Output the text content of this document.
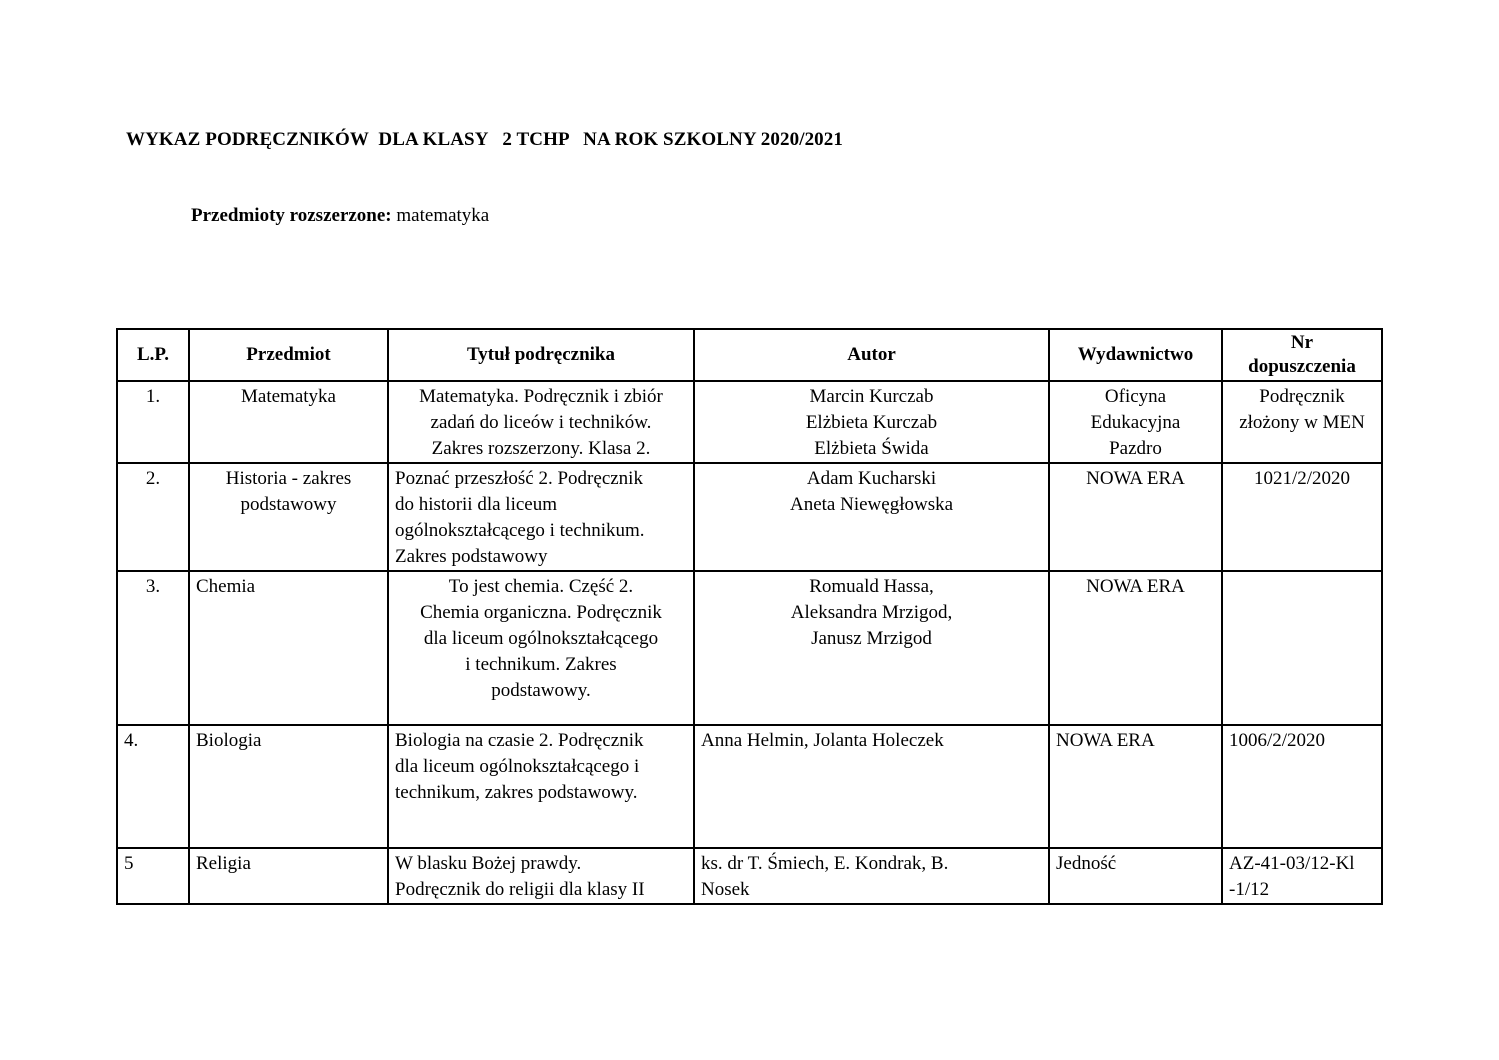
WYKAZ PODRĘCZNIKÓW  DLA KLASY   2 TCHP   NA ROK SZKOLNY 2020/2021
Przedmioty rozszerzone: matematyka
L.P.	Przedmiot	Tytuł podręcznika	Autor	Wydawnictwo	Nr
dopuszczenia

1.	Matematyka	Matematyka. Podręcznik i zbiór
zadań do liceów i techników.
Zakres rozszerzony. Klasa 2.	Marcin Kurczab
Elżbieta Kurczab
Elżbieta Świda	Oficyna
Edukacyjna
Pazdro	Podręcznik
złożony w MEN

2.	Historia - zakres
podstawowy	Poznać przeszłość 2. Podręcznik
do historii dla liceum
ogólnokształcącego i technikum.
Zakres podstawowy	Adam Kucharski
Aneta Niewęgłowska	NOWA ERA	1021/2/2020

3.	Chemia	To jest chemia. Część 2.
Chemia organiczna. Podręcznik
dla liceum ogólnokształcącego
i technikum. Zakres
podstawowy.	Romuald Hassa,
Aleksandra Mrzigod,
Janusz Mrzigod	NOWA ERA	

4.	Biologia	Biologia na czasie 2. Podręcznik
dla liceum ogólnokształcącego i
technikum, zakres podstawowy.	Anna Helmin, Jolanta Holeczek	NOWA ERA	1006/2/2020

5	Religia	W blasku Bożej prawdy.
Podręcznik do religii dla klasy II	ks. dr T. Śmiech, E. Kondrak, B.
Nosek	Jedność	AZ-41-03/12-Kl
-1/12
